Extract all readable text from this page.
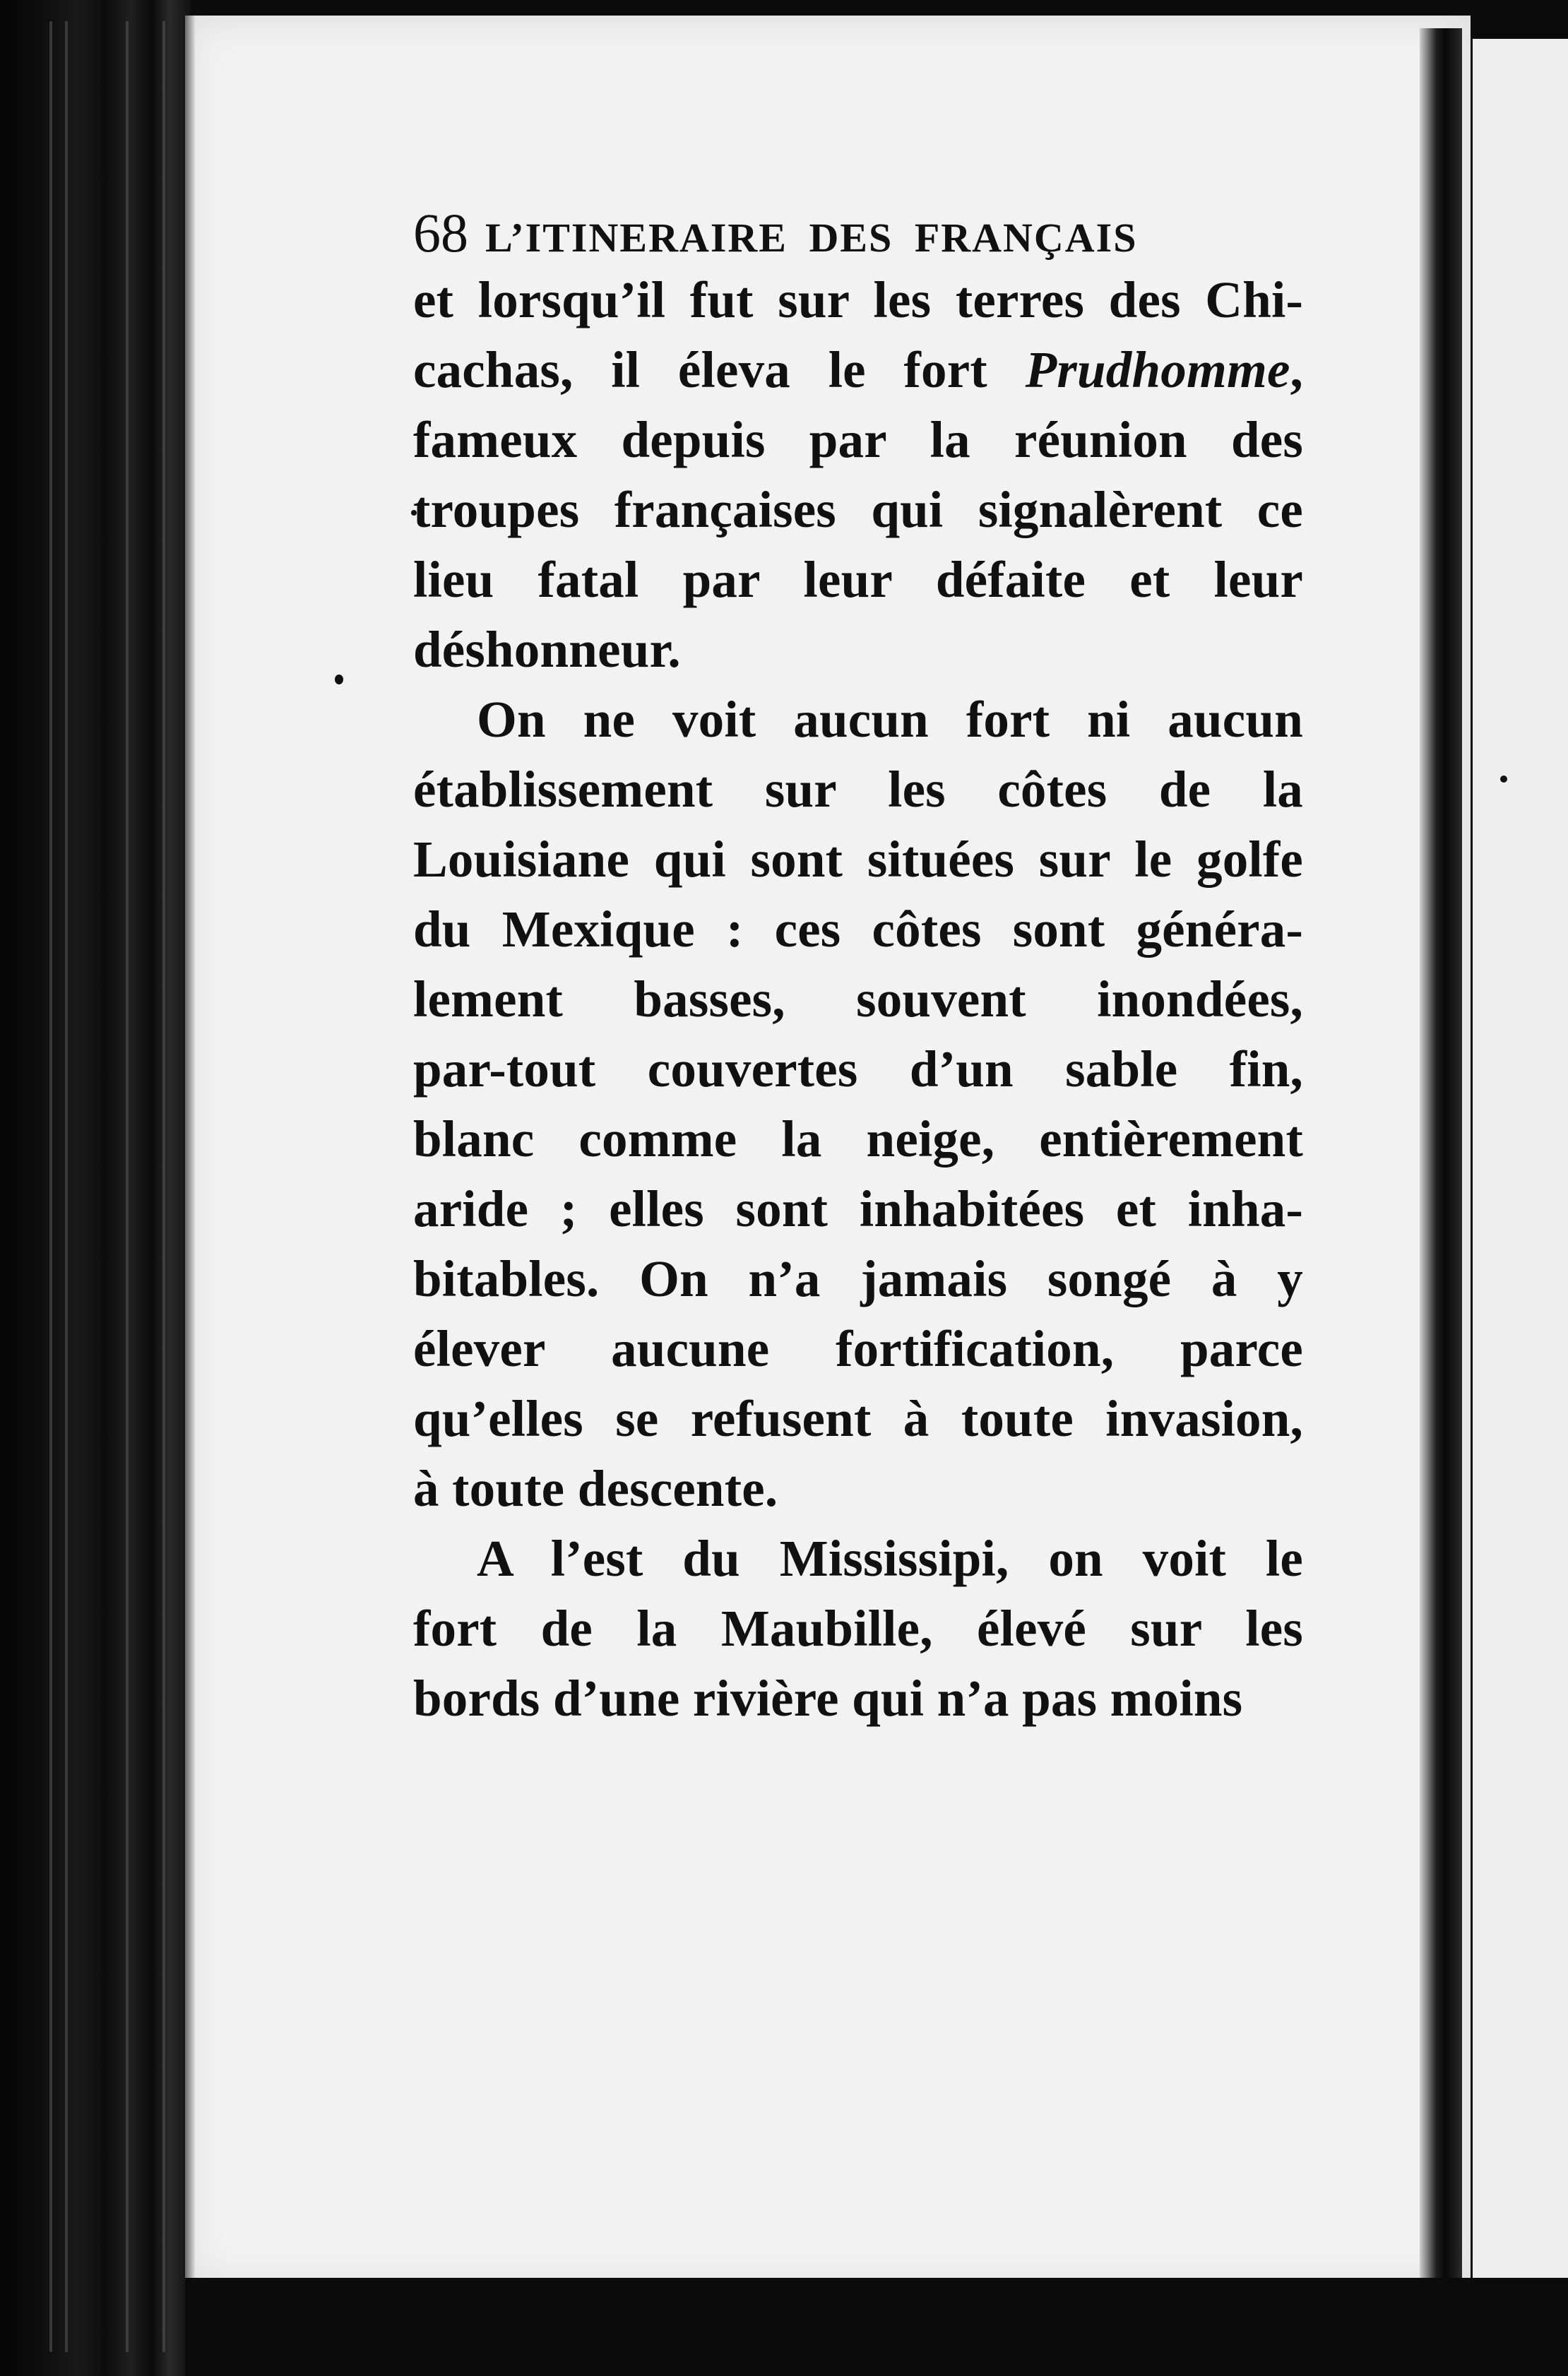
68 L’ITINERAIRE DES FRANÇAIS
et lorsqu’il fut sur les terres des Chi-
cachas, il éleva le fort Prudhomme,
fameux depuis par la réunion des
troupes françaises qui signalèrent ce
lieu fatal par leur défaite et leur
déshonneur.
On ne voit aucun fort ni aucun
établissement sur les côtes de la
Louisiane qui sont situées sur le golfe
du Mexique : ces côtes sont généra-
lement basses, souvent inondées,
par-tout couvertes d’un sable fin,
blanc comme la neige, entièrement
aride ; elles sont inhabitées et inha-
bitables. On n’a jamais songé à y
élever aucune fortification, parce
qu’elles se refusent à toute invasion,
à toute descente.
A l’est du Mississipi, on voit le
fort de la Maubille, élevé sur les
bords d’une rivière qui n’a pas moins
